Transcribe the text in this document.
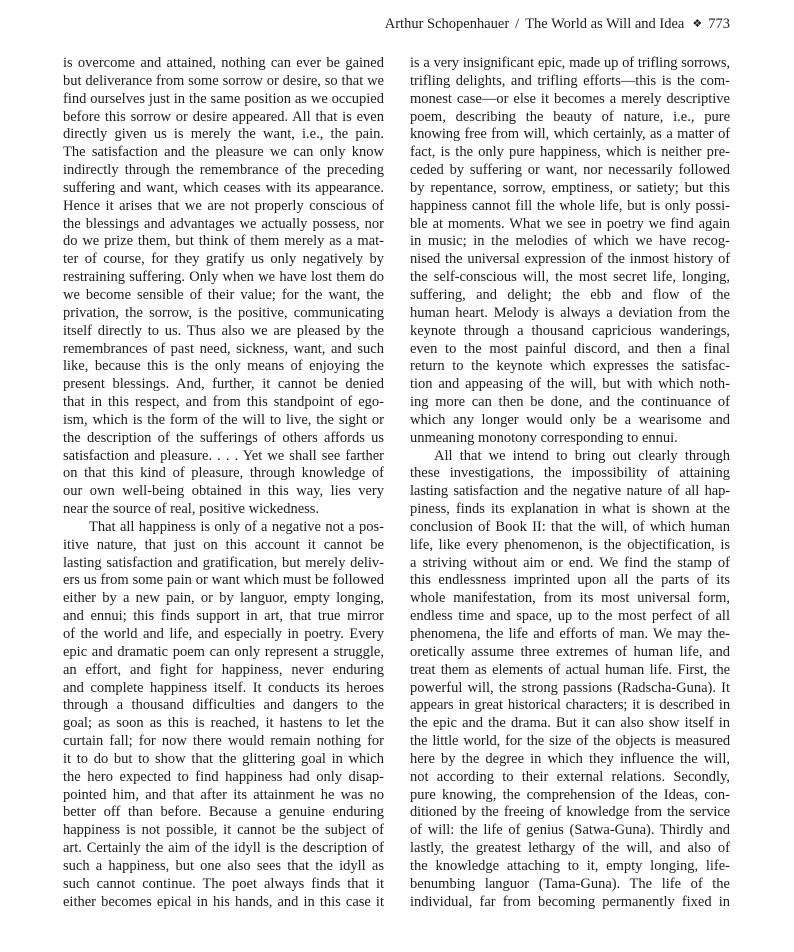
Arthur Schopenhauer / The World as Will and Idea ❖ 773
is overcome and attained, nothing can ever be gained
but deliverance from some sorrow or desire, so that we
find ourselves just in the same position as we occupied
before this sorrow or desire appeared. All that is even
directly given us is merely the want, i.e., the pain.
The satisfaction and the pleasure we can only know
indirectly through the remembrance of the preceding
suffering and want, which ceases with its appearance.
Hence it arises that we are not properly conscious of
the blessings and advantages we actually possess, nor
do we prize them, but think of them merely as a mat-
ter of course, for they gratify us only negatively by
restraining suffering. Only when we have lost them do
we become sensible of their value; for the want, the
privation, the sorrow, is the positive, communicating
itself directly to us. Thus also we are pleased by the
remembrances of past need, sickness, want, and such
like, because this is the only means of enjoying the
present blessings. And, further, it cannot be denied
that in this respect, and from this standpoint of ego-
ism, which is the form of the will to live, the sight or
the description of the sufferings of others affords us
satisfaction and pleasure. . . . Yet we shall see farther
on that this kind of pleasure, through knowledge of
our own well-being obtained in this way, lies very
near the source of real, positive wickedness.
That all happiness is only of a negative not a pos-
itive nature, that just on this account it cannot be
lasting satisfaction and gratification, but merely deliv-
ers us from some pain or want which must be followed
either by a new pain, or by languor, empty longing,
and ennui; this finds support in art, that true mirror
of the world and life, and especially in poetry. Every
epic and dramatic poem can only represent a struggle,
an effort, and fight for happiness, never enduring
and complete happiness itself. It conducts its heroes
through a thousand difficulties and dangers to the
goal; as soon as this is reached, it hastens to let the
curtain fall; for now there would remain nothing for
it to do but to show that the glittering goal in which
the hero expected to find happiness had only disap-
pointed him, and that after its attainment he was no
better off than before. Because a genuine enduring
happiness is not possible, it cannot be the subject of
art. Certainly the aim of the idyll is the description of
such a happiness, but one also sees that the idyll as
such cannot continue. The poet always finds that it
either becomes epical in his hands, and in this case it
is a very insignificant epic, made up of trifling sorrows,
trifling delights, and trifling efforts—this is the com-
monest case—or else it becomes a merely descriptive
poem, describing the beauty of nature, i.e., pure
knowing free from will, which certainly, as a matter of
fact, is the only pure happiness, which is neither pre-
ceded by suffering or want, nor necessarily followed
by repentance, sorrow, emptiness, or satiety; but this
happiness cannot fill the whole life, but is only possi-
ble at moments. What we see in poetry we find again
in music; in the melodies of which we have recog-
nised the universal expression of the inmost history of
the self-conscious will, the most secret life, longing,
suffering, and delight; the ebb and flow of the
human heart. Melody is always a deviation from the
keynote through a thousand capricious wanderings,
even to the most painful discord, and then a final
return to the keynote which expresses the satisfac-
tion and appeasing of the will, but with which noth-
ing more can then be done, and the continuance of
which any longer would only be a wearisome and
unmeaning monotony corresponding to ennui.
All that we intend to bring out clearly through
these investigations, the impossibility of attaining
lasting satisfaction and the negative nature of all hap-
piness, finds its explanation in what is shown at the
conclusion of Book II: that the will, of which human
life, like every phenomenon, is the objectification, is
a striving without aim or end. We find the stamp of
this endlessness imprinted upon all the parts of its
whole manifestation, from its most universal form,
endless time and space, up to the most perfect of all
phenomena, the life and efforts of man. We may the-
oretically assume three extremes of human life, and
treat them as elements of actual human life. First, the
powerful will, the strong passions (Radscha-Guna). It
appears in great historical characters; it is described in
the epic and the drama. But it can also show itself in
the little world, for the size of the objects is measured
here by the degree in which they influence the will,
not according to their external relations. Secondly,
pure knowing, the comprehension of the Ideas, con-
ditioned by the freeing of knowledge from the service
of will: the life of genius (Satwa-Guna). Thirdly and
lastly, the greatest lethargy of the will, and also of
the knowledge attaching to it, empty longing, life-
benumbing languor (Tama-Guna). The life of the
individual, far from becoming permanently fixed in
